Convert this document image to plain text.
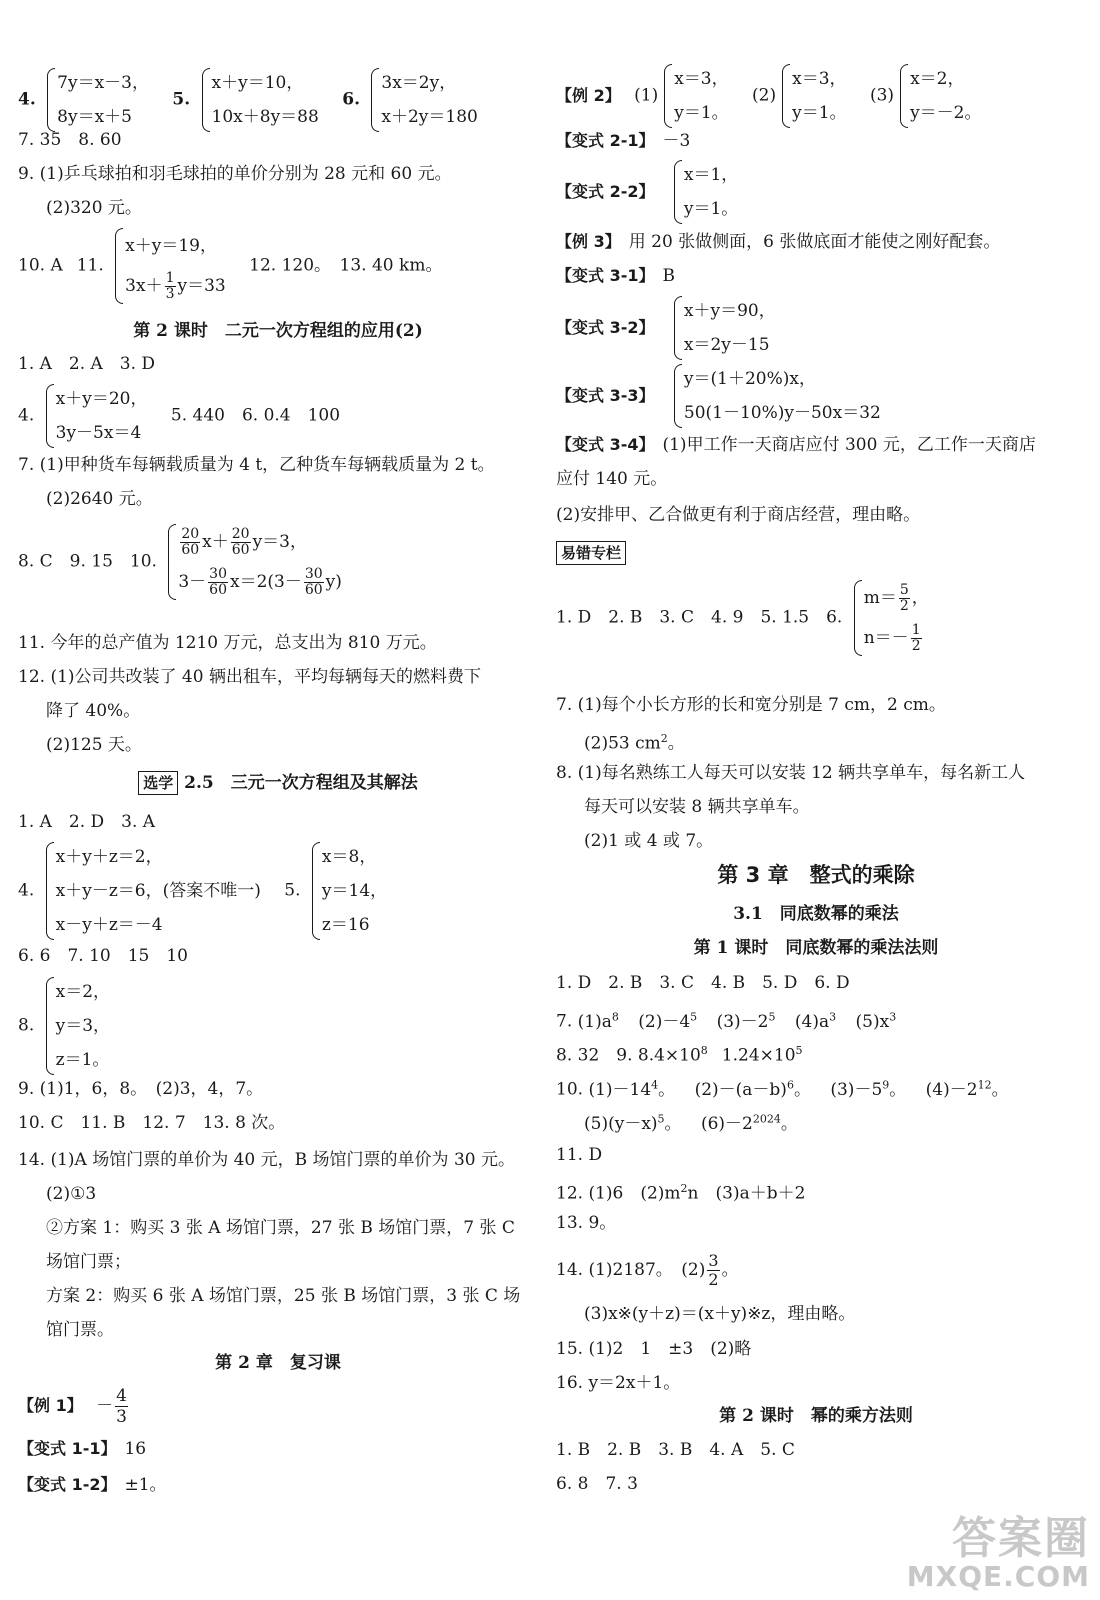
4.
7y＝x－3，
8y＝x＋5
5.
x＋y＝10，
10x＋8y＝88
6.
3x＝2y，
x＋2y＝180
7. 35　8. 60
9. (1)乒乓球拍和羽毛球拍的单价分别为 28 元和 60 元。
(2)320 元。
10. A 11.
x＋y＝19，
$3x+ \frac{1}{3} y=33$
12. 120。　13. 40 km。
第 2 课时　二元一次方程组的应用(2)
1. A　2. A　3. D
4.
x＋y＝20，
3y－5x＝4
5. 440　6. 0.4　100
7. (1)甲种货车每辆载质量为 4 t，乙种货车每辆载质量为 2 t。
(2)2640 元。
8. C　9. 15　10.
$\frac{20}{60} x+ \frac{20}{60} y=3$，
$3- \frac{30}{60} x=2(3- \frac{30}{60} y)$
11. 今年的总产值为 1210 万元，总支出为 810 万元。
12. (1)公司共改装了 40 辆出租车，平均每辆每天的燃料费下
降了 40%。
(2)125 天。
选学 2.5　三元一次方程组及其解法
1. A　2. D　3. A
4.
x＋y＋z＝2，
x＋y－z＝6，(答案不唯一)
x－y＋z＝－4
5.
x＝8，
y＝14，
z＝16
6. 6　7. 10　15　10
8.
x＝2，
y＝3，
z＝1。
9. (1)1，6，8。　(2)3，4，7。
10. C　11. B　12. 7　13. 8 次。
14. (1)A 场馆门票的单价为 40 元，B 场馆门票的单价为 30 元。
(2)①3
②方案 1：购买 3 张 A 场馆门票，27 张 B 场馆门票，7 张 C
场馆门票；
方案 2：购买 6 张 A 场馆门票，25 张 B 场馆门票，3 张 C 场
馆门票。
第 2 章　复习课
【例 1】 － $\frac{4}{3}$
【变式 1-1】 16
【变式 1-2】 ±1。
【例 2】 (1)
x＝3，
y＝1。
(2)
x＝3，
y＝1。
(3)
x＝2，
y＝－2。
【变式 2-1】 －3
【变式 2-2】
x＝1，
y＝1。
【例 3】 用 20 张做侧面，6 张做底面才能使之刚好配套。
【变式 3-1】 B
【变式 3-2】
x＋y＝90，
x＝2y－15
【变式 3-3】
y＝(1＋20%)x，
50(1－10%)y－50x＝32
【变式 3-4】 (1)甲工作一天商店应付 300 元，乙工作一天商店
应付 140 元。
(2)安排甲、乙合做更有利于商店经营，理由略。
易错专栏
1. D　2. B　3. C　4. 9　5. 1.5　6.
$m= \frac{5}{2}$ ，
$n=- \frac{1}{2}$
7. (1)每个小长方形的长和宽分别是 7 cm，2 cm。
(2)53 $cm^2$。
8. (1)每名熟练工人每天可以安装 12 辆共享单车，每名新工人
每天可以安装 8 辆共享单车。
(2)1 或 4 或 7。
第 3 章　整式的乘除
3.1　同底数幂的乘法
第 1 课时　同底数幂的乘法法则
1. D　2. B　3. C　4. B　5. D　6. D
7. $(1)a^8$ $(2)-4^5$ $(3)-2^5$ $(4)a^3$ $(5)x^3$
8. 32　9. $8.4\times 10^8$ $1.24\times 10^5$
10. $(1)-14^4$。 $(2)-(a-b)^6$。 $(3)-5^9$。 $(4)-2^{12}$。
$(5)(y-x)^5$。 $(6)-2^{2024}$。
11. D
12. (1)6　$(2)m^2n$　(3)a＋b＋2
13. 9。
14. (1)2187。　$(2) \frac{3}{2}$ 。
(3)x※(y＋z)＝(x＋y)※z，理由略。
15. (1)2　1　±3　(2)略
16. y＝2x＋1。
第 2 课时　幂的乘方法则
1. B　2. B　3. B　4. A　5. C
6. 8　7. 3
答案圈
MXQE.COM
